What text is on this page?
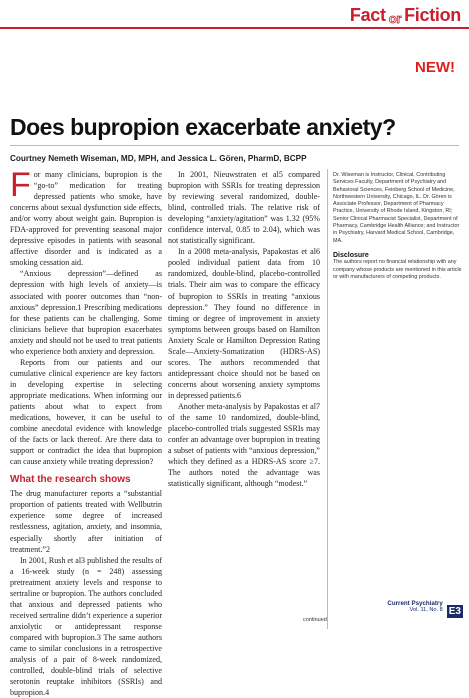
Fact or Fiction
NEW!
Does bupropion exacerbate anxiety?
Courtney Nemeth Wiseman, MD, MPH, and Jessica L. Gören, PharmD, BCPP

For many clinicians, bupropion is the “go-to” medication for treating depressed patients who smoke, have concerns about sexual dysfunction side effects, and/or worry about weight gain. Bupropion is FDA-approved for preventing seasonal major depressive episodes in patients with seasonal affective disorder and is indicated as a smoking cessation aid.

“Anxious depression”—defined as depression with high levels of anxiety—is associated with poorer outcomes than “non-anxious” depression.1 Prescribing medications for these patients can be challenging. Some clinicians believe that bupropion exacerbates anxiety and should not be used to treat patients who experience both anxiety and depression.

Reports from our patients and our cumulative clinical experience are key factors in developing expertise in selecting appropriate medications. When informing our patients about what to expect from medications, however, it can be useful to combine anecdotal evidence with knowledge of the facts or lack thereof. Are there data to support or contradict the idea that bupropion can cause anxiety while treating depression?

What the research shows

The drug manufacturer reports a “substantial proportion of patients treated with Wellbutrin experience some degree of increased restlessness, agitation, anxiety, and insomnia, especially shortly after initiation of treatment.”2

In 2001, Rush et al3 published the results of a 16-week study (n = 248) assessing pretreatment anxiety levels and response to sertraline or bupropion. The authors concluded that anxious and depressed patients who received sertraline didn’t experience a superior anxiolytic or antidepressant response compared with bupropion.3 The same authors came to similar conclusions in a retrospective analysis of a pair of 8-week randomized, controlled, double-blind trials of selective serotonin reuptake inhibitors (SSRIs) and bupropion.4

In 2001, Nieuwstraten et al5 compared bupropion with SSRIs for treating depression by reviewing several randomized, double-blind, controlled trials. The relative risk of developing “anxiety/agitation” was 1.32 (95% confidence interval, 0.85 to 2.04), which was not statistically significant.

In a 2008 meta-analysis, Papakostas et al6 pooled individual patient data from 10 randomized, double-blind, placebo-controlled trials. Their aim was to compare the efficacy of bupropion to SSRIs in treating “anxious depression.” They found no difference in timing or degree of improvement in anxiety symptoms between groups based on Hamilton Anxiety Scale or Hamilton Depression Rating Scale—Anxiety-Somatization (HDRS-AS) scores. The authors recommended that antidepressant choice should not be based on concerns about worsening anxiety symptoms in depressed patients.6

Another meta-analysis by Papakostas et al7 of the same 10 randomized, double-blind, placebo-controlled trials suggested SSRIs may confer an advantage over bupropion in treating a subset of patients with “anxious depression,” which they defined as a HDRS-AS score ≥7. The authors noted the advantage was statistically significant, although “modest.”

Dr. Wiseman is Instructor, Clinical, Contributing Services Faculty, Department of Psychiatry and Behavioral Sciences, Feinberg School of Medicine, Northwestern University, Chicago, IL. Dr. Gören is Associate Professor, Department of Pharmacy Practice, University of Rhode Island, Kingston, RI; Senior Clinical Pharmacist Specialist, Department of Pharmacy, Cambridge Health Alliance; and Instructor in Psychiatry, Harvard Medical School, Cambridge, MA.

Disclosure

The authors report no financial relationship with any company whose products are mentioned in this article or with manufacturers of competing products.

continued
Current Psychiatry
Vol. 11, No. 8 E3
